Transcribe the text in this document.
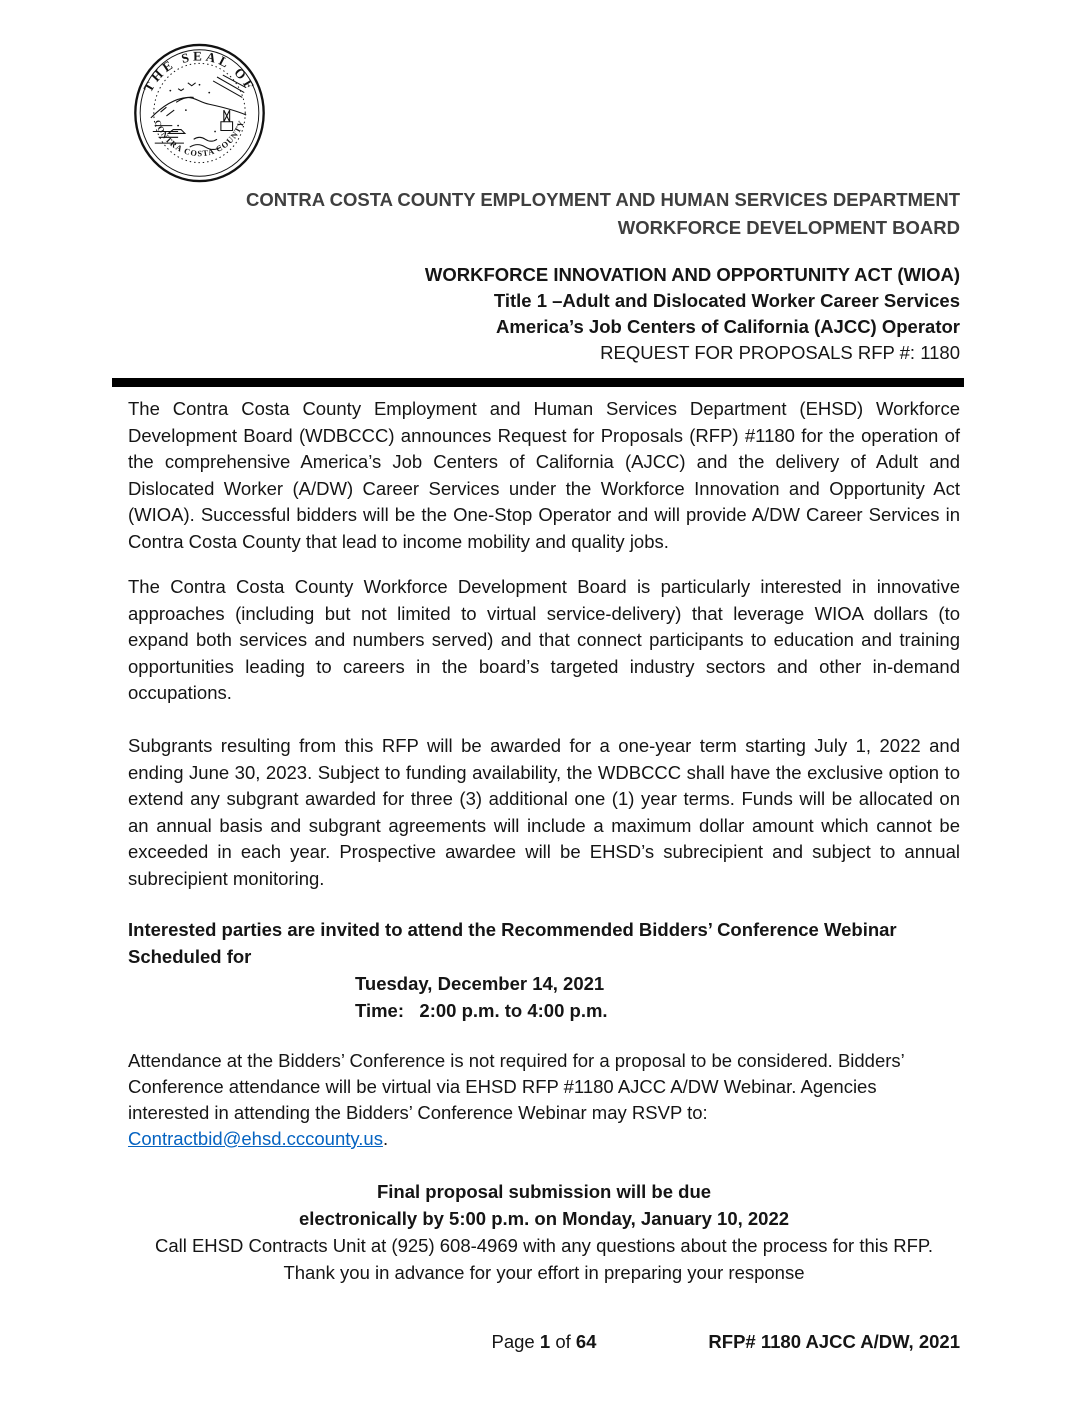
THE SEAL OF
CONTRA COSTA COUNTY
CONTRA COSTA COUNTY EMPLOYMENT AND HUMAN SERVICES DEPARTMENT
WORKFORCE DEVELOPMENT BOARD
WORKFORCE INNOVATION AND OPPORTUNITY ACT (WIOA)
Title 1 –Adult and Dislocated Worker Career Services
America’s Job Centers of California (AJCC) Operator
REQUEST FOR PROPOSALS RFP #: 1180

The Contra Costa County Employment and Human Services Department (EHSD) Workforce Development Board (WDBCCC) announces Request for Proposals (RFP) #1180 for the operation of the comprehensive America’s Job Centers of California (AJCC) and the delivery of Adult and Dislocated Worker (A/DW) Career Services under the Workforce Innovation and Opportunity Act (WIOA). Successful bidders will be the One-Stop Operator and will provide A/DW Career Services in Contra Costa County that lead to income mobility and quality jobs.

The Contra Costa County Workforce Development Board is particularly interested in innovative approaches (including but not limited to virtual service-delivery) that leverage WIOA dollars (to expand both services and numbers served) and that connect participants to education and training opportunities leading to careers in the board’s targeted industry sectors and other in-demand occupations.

Subgrants resulting from this RFP will be awarded for a one-year term starting July 1, 2022 and ending June 30, 2023. Subject to funding availability, the WDBCCC shall have the exclusive option to extend any subgrant awarded for three (3) additional one (1) year terms. Funds will be allocated on an annual basis and subgrant agreements will include a maximum dollar amount which cannot be exceeded in each year. Prospective awardee will be EHSD’s subrecipient and subject to annual subrecipient monitoring.

Interested parties are invited to attend the Recommended Bidders’ Conference Webinar Scheduled for

Tuesday, December 14, 2021
Time:   2:00 p.m. to 4:00 p.m.

Attendance at the Bidders’ Conference is not required for a proposal to be considered. Bidders’ Conference attendance will be virtual via EHSD RFP #1180 AJCC A/DW Webinar. Agencies interested in attending the Bidders’ Conference Webinar may RSVP to: Contractbid@ehsd.cccounty.us.

Final proposal submission will be due
electronically by 5:00 p.m. on Monday, January 10, 2022
Call EHSD Contracts Unit at (925) 608-4969 with any questions about the process for this RFP.
Thank you in advance for your effort in preparing your response
Page 1 of 64	RFP# 1180 AJCC A/DW, 2021
